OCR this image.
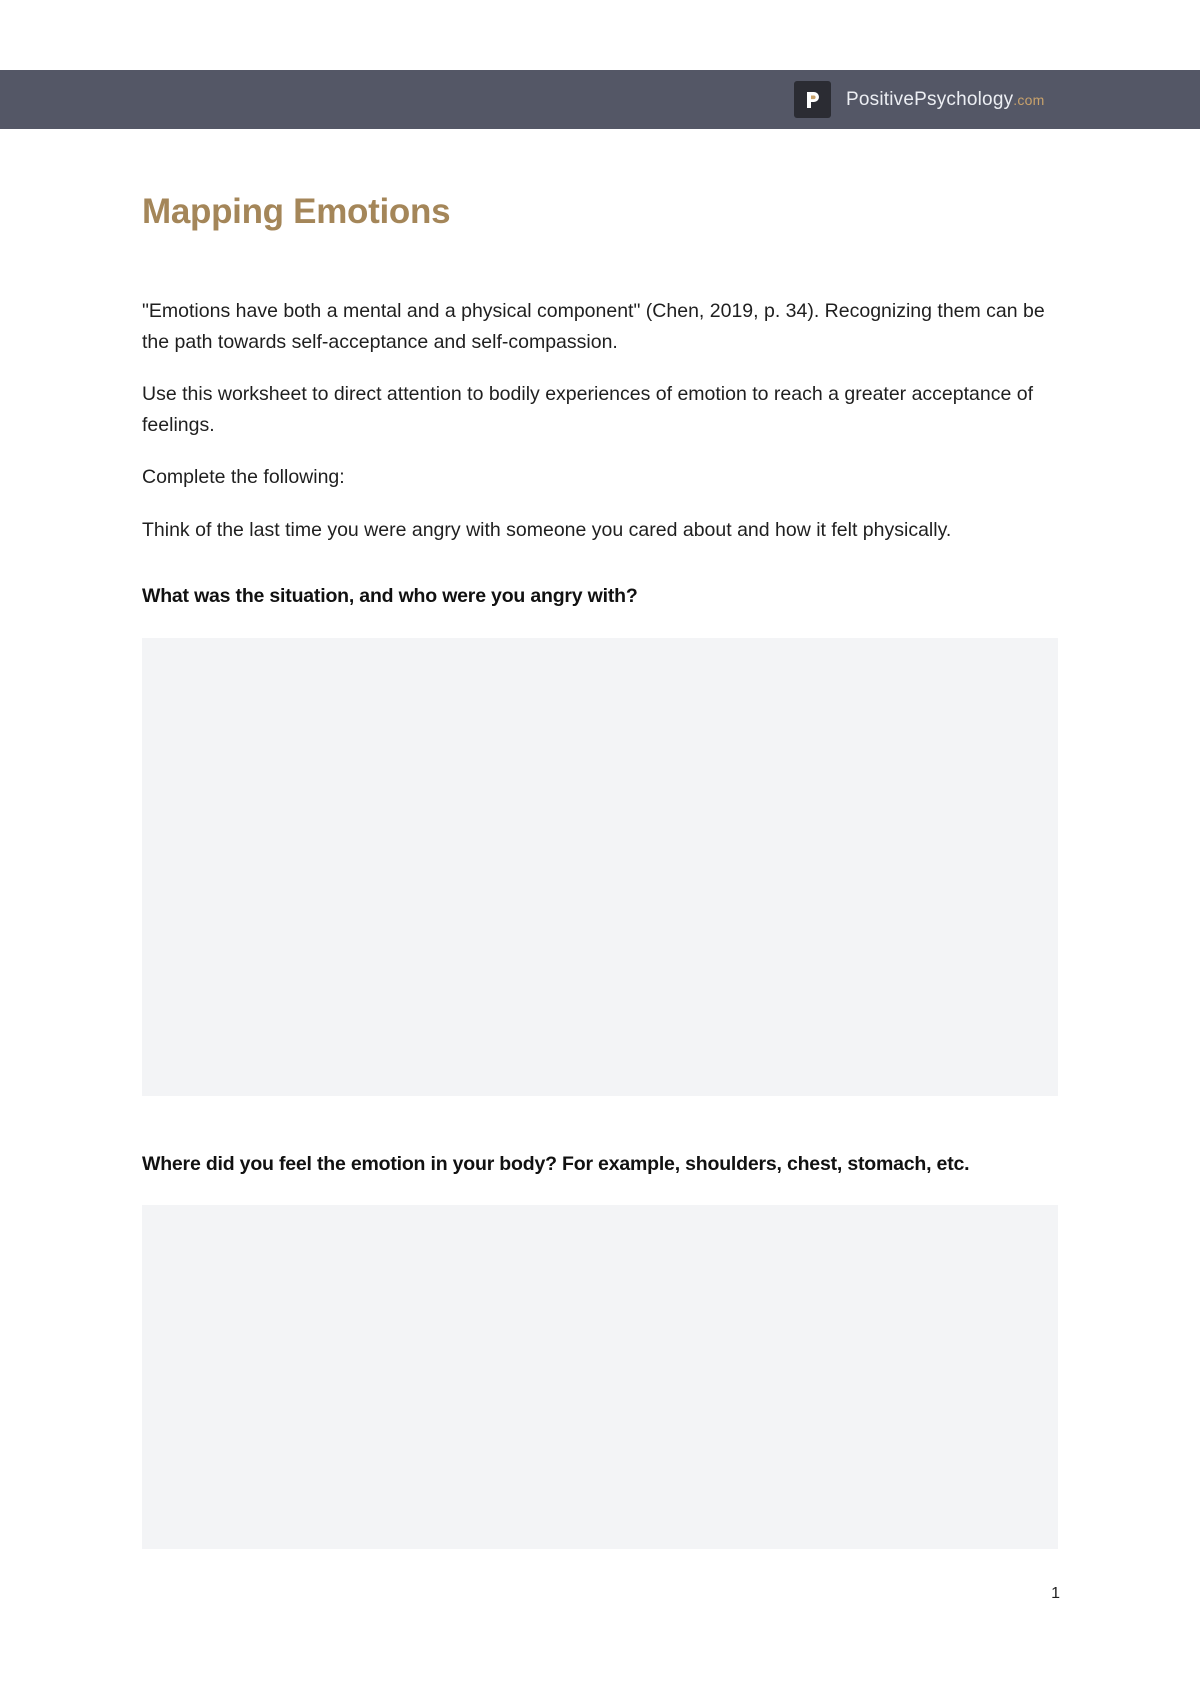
PositivePsychology.com
Mapping Emotions

"Emotions have both a mental and a physical component" (Chen, 2019, p. 34). Recognizing them can be the path towards self-acceptance and self-compassion.

Use this worksheet to direct attention to bodily experiences of emotion to reach a greater acceptance of feelings.

Complete the following:

Think of the last time you were angry with someone you cared about and how it felt physically.

What was the situation, and who were you angry with?

Where did you feel the emotion in your body? For example, shoulders, chest, stomach, etc.

1
